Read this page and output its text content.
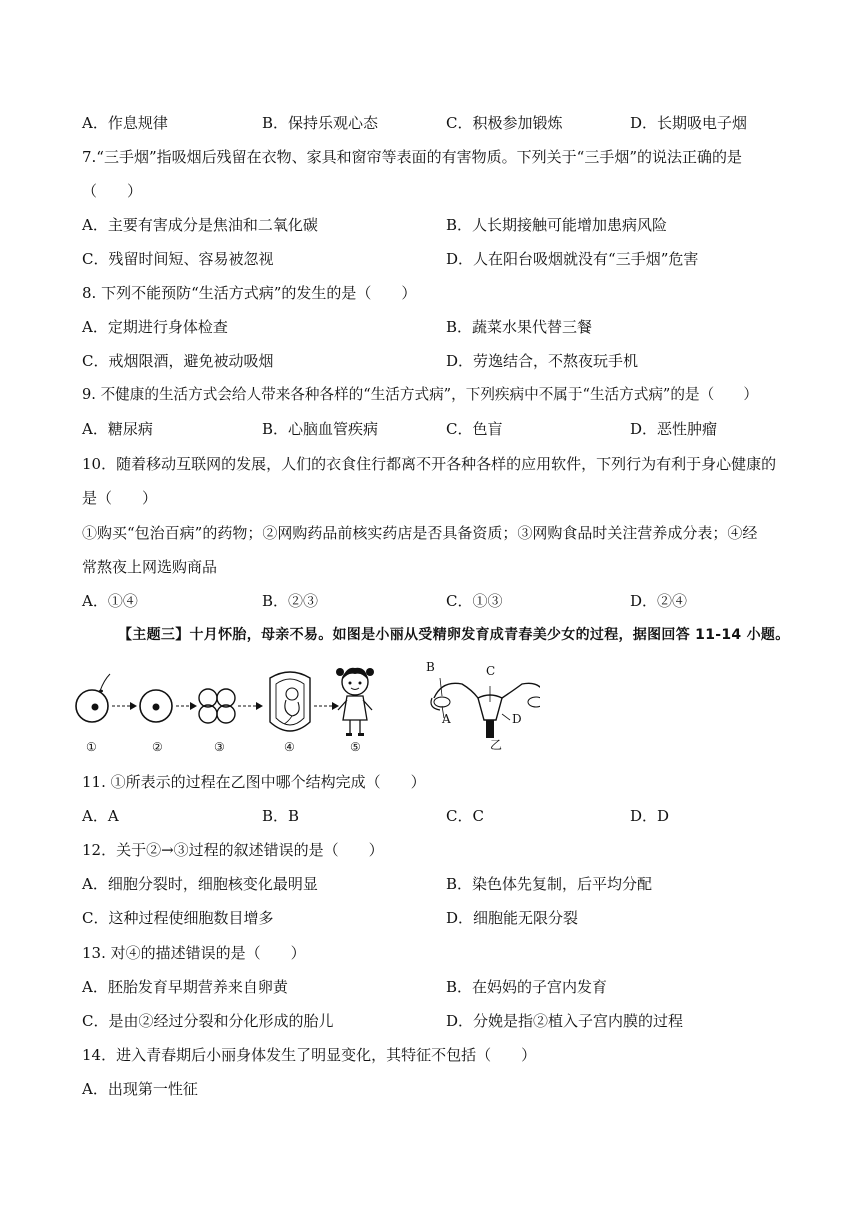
A．作息规律	B．保持乐观心态	C．积极参加锻炼	D．长期吸电子烟
7.“三手烟”指吸烟后残留在衣物、家具和窗帘等表面的有害物质。下列关于“三手烟”的说法正确的是
（　　）
A．主要有害成分是焦油和二氧化碳	B．人长期接触可能增加患病风险
C．残留时间短、容易被忽视	D．人在阳台吸烟就没有“三手烟”危害
8. 下列不能预防“生活方式病”的发生的是（　　）
A．定期进行身体检查	B．蔬菜水果代替三餐
C．戒烟限酒，避免被动吸烟	D．劳逸结合，不熬夜玩手机
9. 不健康的生活方式会给人带来各种各样的“生活方式病”，下列疾病中不属于“生活方式病”的是（　　）
A．糖尿病	B．心脑血管疾病	C．色盲	D．恶性肿瘤
10．随着移动互联网的发展，人们的衣食住行都离不开各种各样的应用软件，下列行为有利于身心健康的
是（　　）
①购买“包治百病”的药物；②网购药品前核实药店是否具备资质；③网购食品时关注营养成分表；④经
常熬夜上网选购商品
A．①④	B．②③	C．①③	D．②④
【主题三】十月怀胎，母亲不易。如图是小丽从受精卵发育成青春美少女的过程，据图回答 11-14 小题。
B	C
A	D
乙
①	②	③	④	⑤
11. ①所表示的过程在乙图中哪个结构完成（　　）
A．A	B．B	C．C	D．D
12．关于②→③过程的叙述错误的是（　　）
A．细胞分裂时，细胞核变化最明显	B．染色体先复制，后平均分配
C．这种过程使细胞数目增多	D．细胞能无限分裂
13. 对④的描述错误的是（　　）
A．胚胎发育早期营养来自卵黄	B．在妈妈的子宫内发育
C．是由②经过分裂和分化形成的胎儿	D．分娩是指②植入子宫内膜的过程
14．进入青春期后小丽身体发生了明显变化，其特征不包括（　　）
A．出现第一性征
